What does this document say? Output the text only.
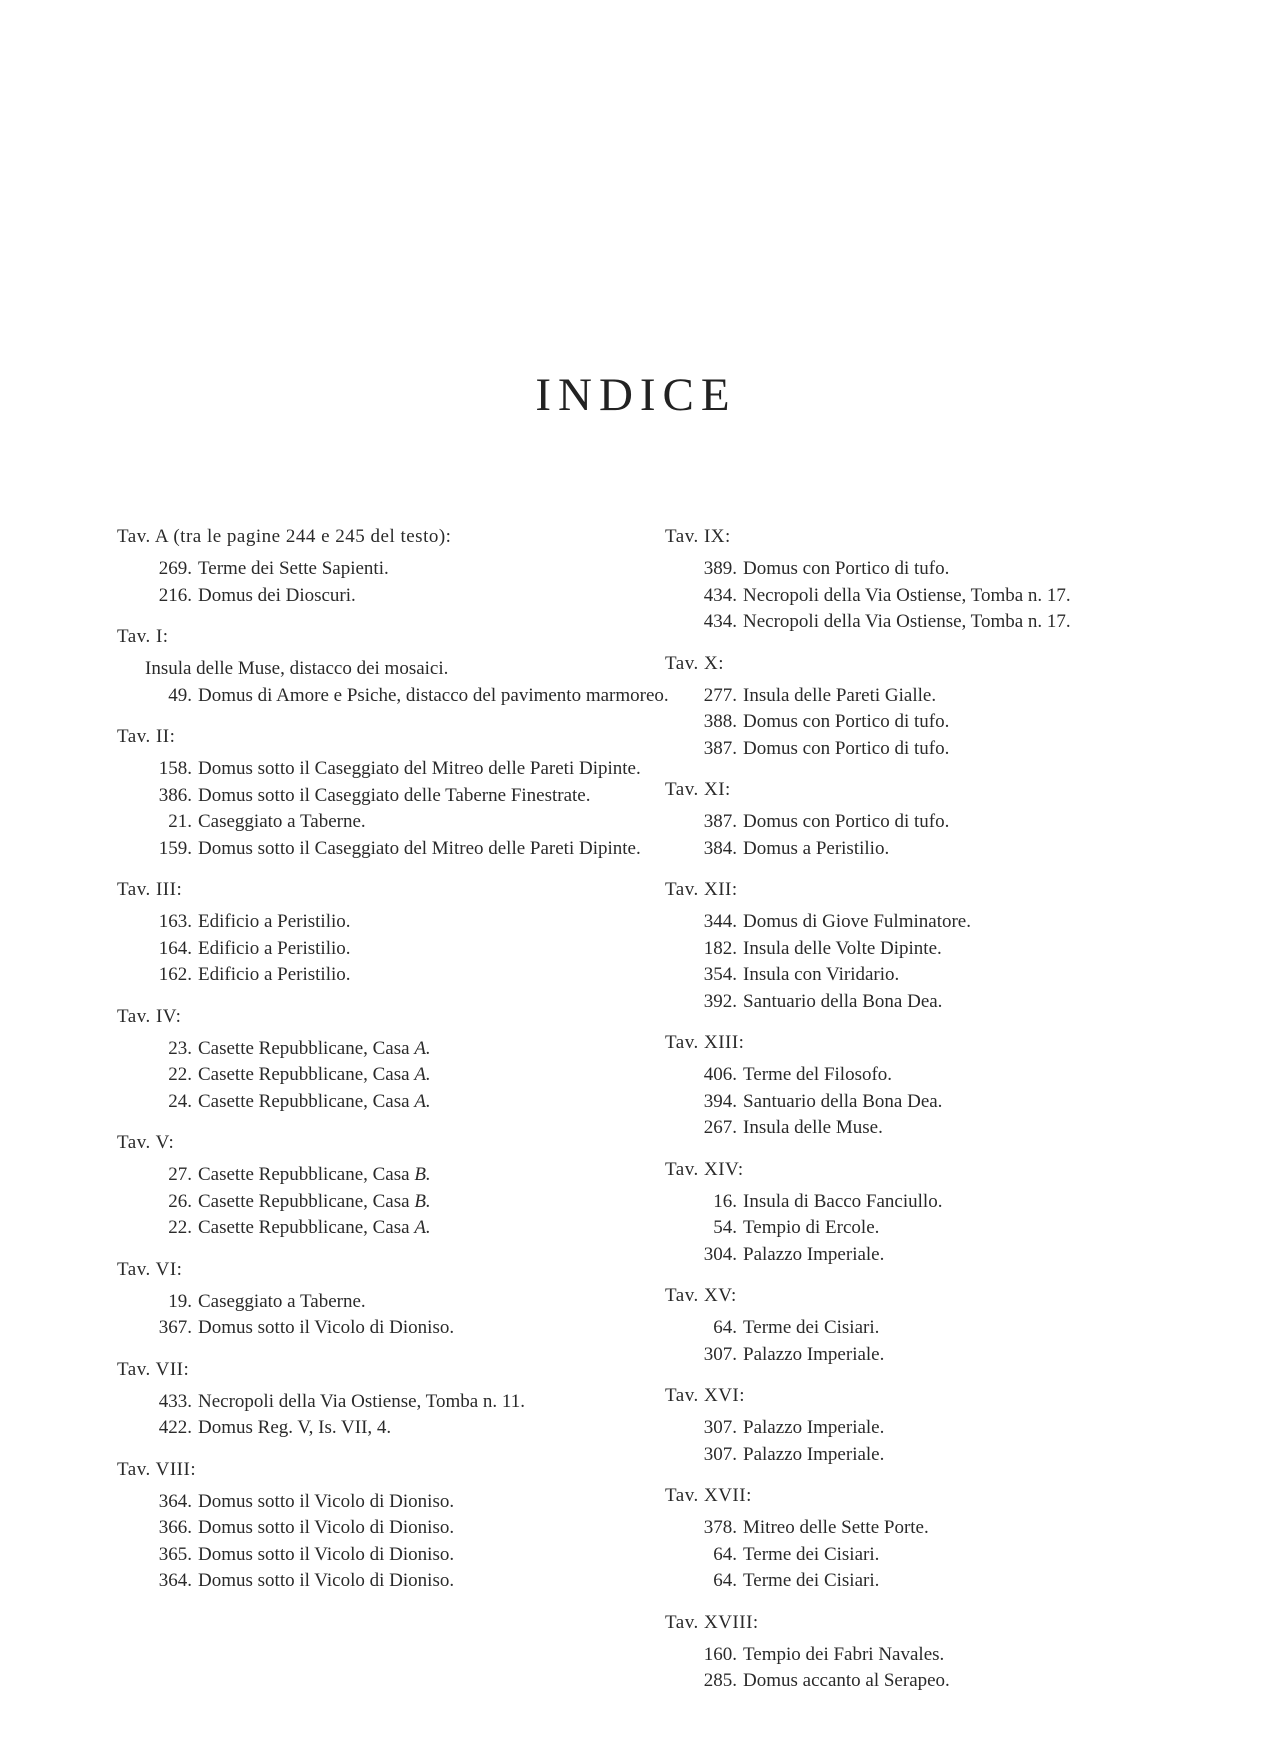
INDICE
Tav. A (tra le pagine 244 e 245 del testo):
269. Terme dei Sette Sapienti.
216. Domus dei Dioscuri.
Tav. I:
Insula delle Muse, distacco dei mosaici.
49. Domus di Amore e Psiche, distacco del pavimento marmoreo.
Tav. II:
158. Domus sotto il Caseggiato del Mitreo delle Pareti Dipinte.
386. Domus sotto il Caseggiato delle Taberne Finestrate.
21. Caseggiato a Taberne.
159. Domus sotto il Caseggiato del Mitreo delle Pareti Dipinte.
Tav. III:
163. Edificio a Peristilio.
164. Edificio a Peristilio.
162. Edificio a Peristilio.
Tav. IV:
23. Casette Repubblicane, Casa A.
22. Casette Repubblicane, Casa A.
24. Casette Repubblicane, Casa A.
Tav. V:
27. Casette Repubblicane, Casa B.
26. Casette Repubblicane, Casa B.
22. Casette Repubblicane, Casa A.
Tav. VI:
19. Caseggiato a Taberne.
367. Domus sotto il Vicolo di Dioniso.
Tav. VII:
433. Necropoli della Via Ostiense, Tomba n. 11.
422. Domus Reg. V, Is. VII, 4.
Tav. VIII:
364. Domus sotto il Vicolo di Dioniso.
366. Domus sotto il Vicolo di Dioniso.
365. Domus sotto il Vicolo di Dioniso.
364. Domus sotto il Vicolo di Dioniso.
Tav. IX:
389. Domus con Portico di tufo.
434. Necropoli della Via Ostiense, Tomba n. 17.
434. Necropoli della Via Ostiense, Tomba n. 17.
Tav. X:
277. Insula delle Pareti Gialle.
388. Domus con Portico di tufo.
387. Domus con Portico di tufo.
Tav. XI:
387. Domus con Portico di tufo.
384. Domus a Peristilio.
Tav. XII:
344. Domus di Giove Fulminatore.
182. Insula delle Volte Dipinte.
354. Insula con Viridario.
392. Santuario della Bona Dea.
Tav. XIII:
406. Terme del Filosofo.
394. Santuario della Bona Dea.
267. Insula delle Muse.
Tav. XIV:
16. Insula di Bacco Fanciullo.
54. Tempio di Ercole.
304. Palazzo Imperiale.
Tav. XV:
64. Terme dei Cisiari.
307. Palazzo Imperiale.
Tav. XVI:
307. Palazzo Imperiale.
307. Palazzo Imperiale.
Tav. XVII:
378. Mitreo delle Sette Porte.
64. Terme dei Cisiari.
64. Terme dei Cisiari.
Tav. XVIII:
160. Tempio dei Fabri Navales.
285. Domus accanto al Serapeo.
